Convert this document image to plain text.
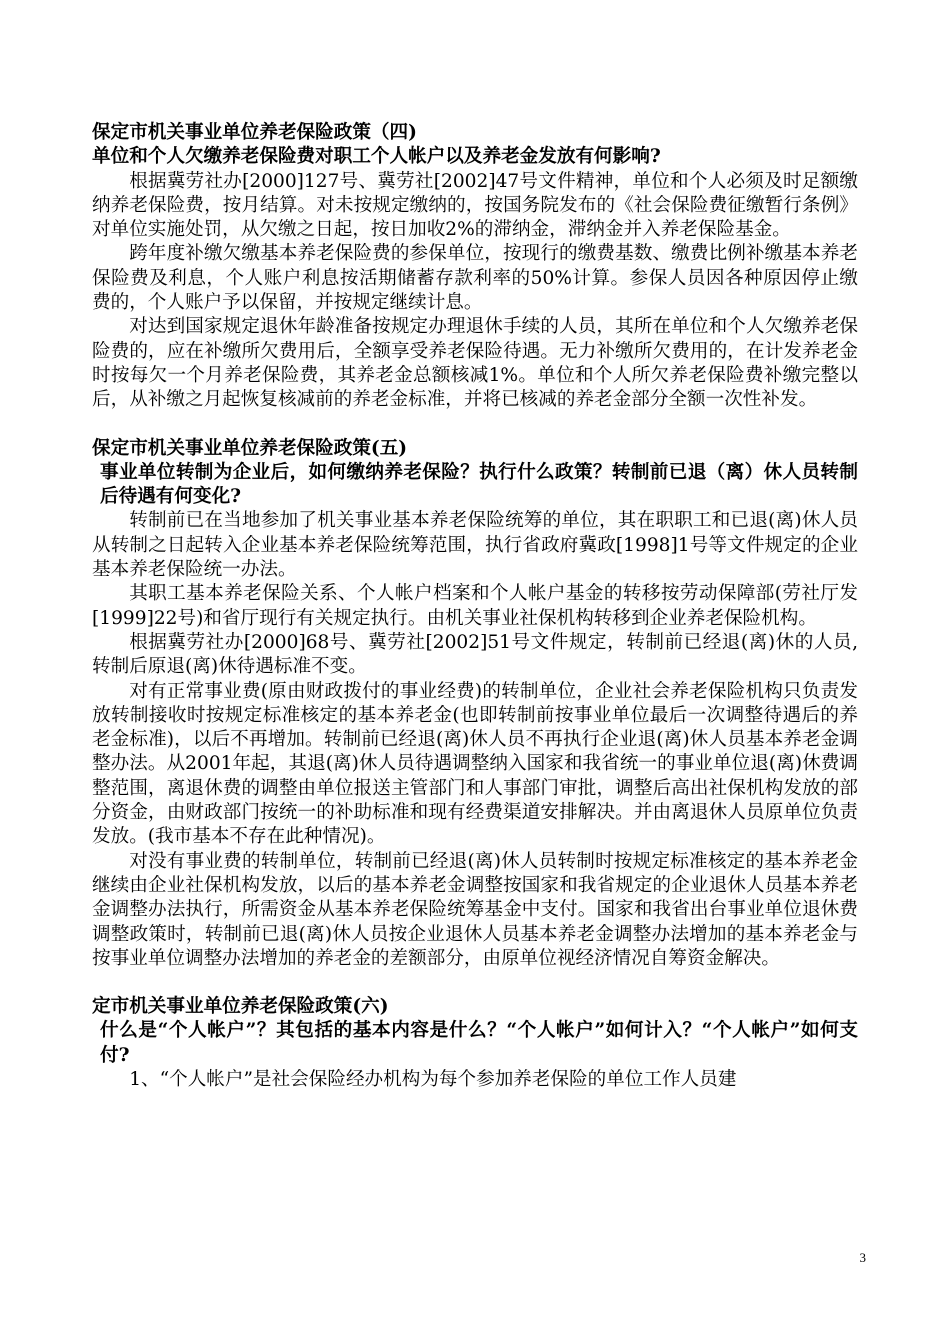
保定市机关事业单位养老保险政策（四)

单位和个人欠缴养老保险费对职工个人帐户以及养老金发放有何影响?

根据冀劳社办[2000]127号、冀劳社[2002]47号文件精神，单位和个人必须及时足额缴纳养老保险费，按月结算。对未按规定缴纳的，按国务院发布的《社会保险费征缴暂行条例》对单位实施处罚，从欠缴之日起，按日加收2%的滞纳金，滞纳金并入养老保险基金。

跨年度补缴欠缴基本养老保险费的参保单位，按现行的缴费基数、缴费比例补缴基本养老保险费及利息，个人账户利息按活期储蓄存款利率的50%计算。参保人员因各种原因停止缴费的，个人账户予以保留，并按规定继续计息。

对达到国家规定退休年龄准备按规定办理退休手续的人员，其所在单位和个人欠缴养老保险费的，应在补缴所欠费用后，全额享受养老保险待遇。无力补缴所欠费用的，在计发养老金时按每欠一个月养老保险费，其养老金总额核减1%。单位和个人所欠养老保险费补缴完整以后，从补缴之月起恢复核减前的养老金标准，并将已核减的养老金部分全额一次性补发。

保定市机关事业单位养老保险政策(五)

事业单位转制为企业后，如何缴纳养老保险？执行什么政策？转制前已退（离）休人员转制后待遇有何变化?

转制前已在当地参加了机关事业基本养老保险统筹的单位，其在职职工和已退(离)休人员从转制之日起转入企业基本养老保险统筹范围，执行省政府冀政[1998]1号等文件规定的企业基本养老保险统一办法。

其职工基本养老保险关系、个人帐户档案和个人帐户基金的转移按劳动保障部(劳社厅发[1999]22号)和省厅现行有关规定执行。由机关事业社保机构转移到企业养老保险机构。

根据冀劳社办[2000]68号、冀劳社[2002]51号文件规定，转制前已经退(离)休的人员,转制后原退(离)休待遇标准不变。

对有正常事业费(原由财政拨付的事业经费)的转制单位，企业社会养老保险机构只负责发放转制接收时按规定标准核定的基本养老金(也即转制前按事业单位最后一次调整待遇后的养老金标准)，以后不再增加。转制前已经退(离)休人员不再执行企业退(离)休人员基本养老金调整办法。从2001年起，其退(离)休人员待遇调整纳入国家和我省统一的事业单位退(离)休费调整范围，离退休费的调整由单位报送主管部门和人事部门审批，调整后高出社保机构发放的部分资金，由财政部门按统一的补助标准和现有经费渠道安排解决。并由离退休人员原单位负责发放。(我市基本不存在此种情况)。

对没有事业费的转制单位，转制前已经退(离)休人员转制时按规定标准核定的基本养老金继续由企业社保机构发放，以后的基本养老金调整按国家和我省规定的企业退休人员基本养老金调整办法执行，所需资金从基本养老保险统筹基金中支付。国家和我省出台事业单位退休费调整政策时，转制前已退(离)休人员按企业退休人员基本养老金调整办法增加的基本养老金与按事业单位调整办法增加的养老金的差额部分，由原单位视经济情况自筹资金解决。

定市机关事业单位养老保险政策(六)

什么是“个人帐户”？其包括的基本内容是什么？“个人帐户”如何计入？“个人帐户”如何支付?

1、“个人帐户”是社会保险经办机构为每个参加养老保险的单位工作人员建

3
